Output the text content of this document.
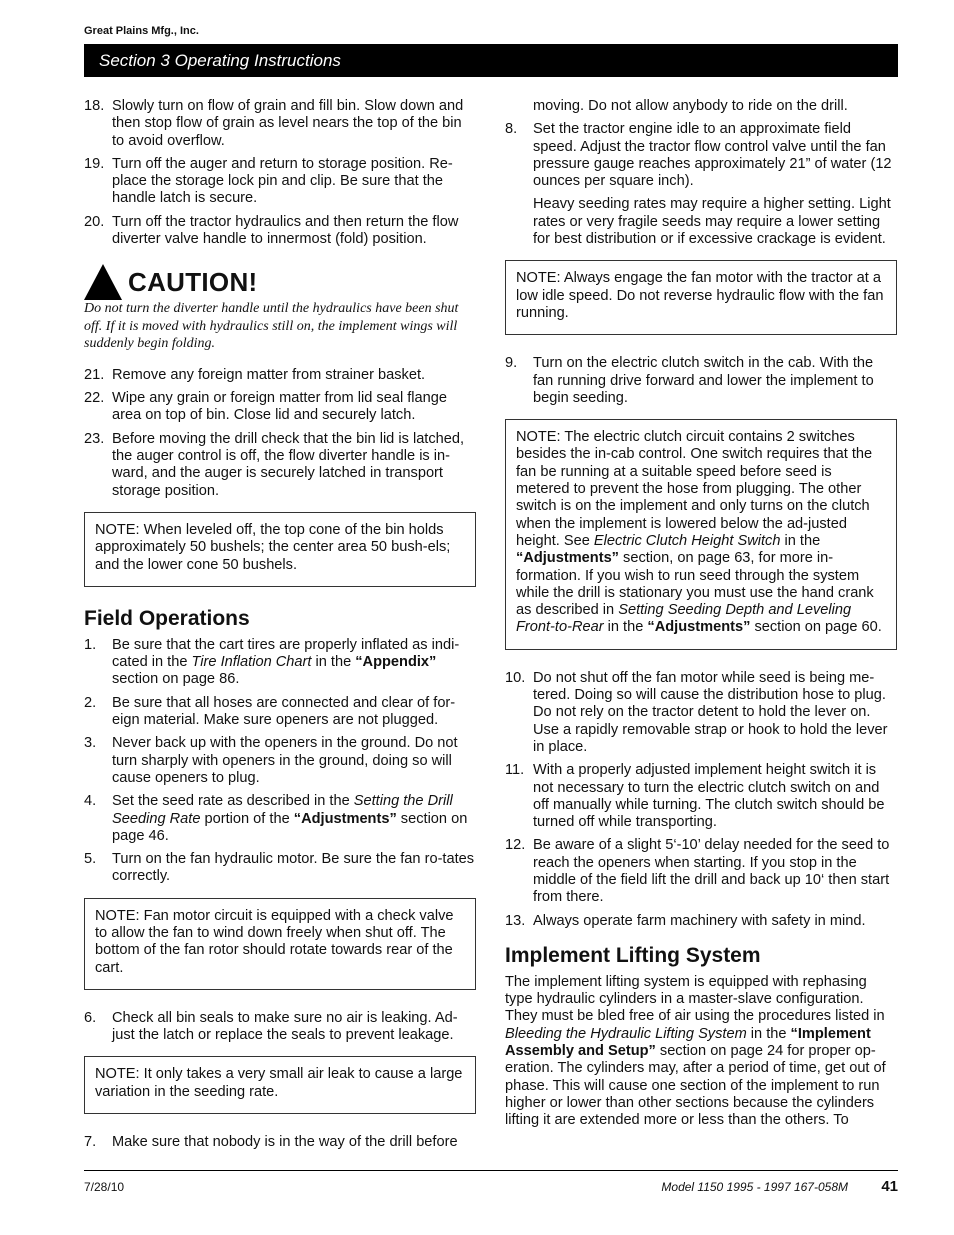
Great Plains Mfg., Inc.
Section 3 Operating Instructions
18. Slowly turn on flow of grain and fill bin. Slow down and then stop flow of grain as level nears the top of the bin to avoid overflow.
19. Turn off the auger and return to storage position. Re-place the storage lock pin and clip. Be sure that the handle latch is secure.
20. Turn off the tractor hydraulics and then return the flow diverter valve handle to innermost (fold) position.
CAUTION!
Do not turn the diverter handle until the hydraulics have been shut off. If it is moved with hydraulics still on, the implement wings will suddenly begin folding.
21. Remove any foreign matter from strainer basket.
22. Wipe any grain or foreign matter from lid seal flange area on top of bin. Close lid and securely latch.
23. Before moving the drill check that the bin lid is latched, the auger control is off, the flow diverter handle is in-ward, and the auger is securely latched in transport storage position.
NOTE: When leveled off, the top cone of the bin holds approximately 50 bushels; the center area 50 bush-els; and the lower cone 50 bushels.
Field Operations
1. Be sure that the cart tires are properly inflated as indi-cated in the Tire Inflation Chart in the “Appendix” section on page 86.
2. Be sure that all hoses are connected and clear of for-eign material. Make sure openers are not plugged.
3. Never back up with the openers in the ground. Do not turn sharply with openers in the ground, doing so will cause openers to plug.
4. Set the seed rate as described in the Setting the Drill Seeding Rate portion of the “Adjustments” section on page 46.
5. Turn on the fan hydraulic motor. Be sure the fan ro-tates correctly.
NOTE: Fan motor circuit is equipped with a check valve to allow the fan to wind down freely when shut off. The bottom of the fan rotor should rotate towards rear of the cart.
6. Check all bin seals to make sure no air is leaking. Ad-just the latch or replace the seals to prevent leakage.
NOTE: It only takes a very small air leak to cause a large variation in the seeding rate.
7. Make sure that nobody is in the way of the drill before
moving. Do not allow anybody to ride on the drill.
8. Set the tractor engine idle to an approximate field speed. Adjust the tractor flow control valve until the fan pressure gauge reaches approximately 21” of water (12 ounces per square inch).
Heavy seeding rates may require a higher setting. Light rates or very fragile seeds may require a lower setting for best distribution or if excessive crackage is evident.
NOTE: Always engage the fan motor with the tractor at a low idle speed. Do not reverse hydraulic flow with the fan running.
9. Turn on the electric clutch switch in the cab. With the fan running drive forward and lower the implement to begin seeding.
NOTE: The electric clutch circuit contains 2 switches besides the in-cab control. One switch requires that the fan be running at a suitable speed before seed is metered to prevent the hose from plugging. The other switch is on the implement and only turns on the clutch when the implement is lowered below the ad-justed height. See Electric Clutch Height Switch in the “Adjustments” section, on page 63, for more in-formation. If you wish to run seed through the system while the drill is stationary you must use the hand crank as described in Setting Seeding Depth and Leveling Front-to-Rear in the “Adjustments” section on page 60.
10. Do not shut off the fan motor while seed is being me-tered. Doing so will cause the distribution hose to plug. Do not rely on the tractor detent to hold the lever on. Use a rapidly removable strap or hook to hold the lever in place.
11. With a properly adjusted implement height switch it is not necessary to turn the electric clutch switch on and off manually while turning. The clutch switch should be turned off while transporting.
12. Be aware of a slight 5‘-10’ delay needed for the seed to reach the openers when starting. If you stop in the middle of the field lift the drill and back up 10‘ then start from there.
13. Always operate farm machinery with safety in mind.
Implement Lifting System
The implement lifting system is equipped with rephasing type hydraulic cylinders in a master-slave configuration. They must be bled free of air using the procedures listed in Bleeding the Hydraulic Lifting System in the “Implement Assembly and Setup” section on page 24 for proper op-eration. The cylinders may, after a period of time, get out of phase. This will cause one section of the implement to run higher or lower than other sections because the cylinders lifting it are extended more or less than the others. To
7/28/10	Model 1150 1995 - 1997 167-058M 41
